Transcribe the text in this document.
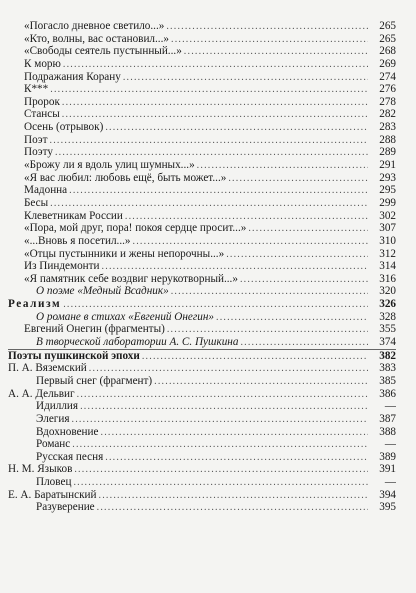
«Погасло дневное светило...» .....	265
«Кто, волны, вас остановил...» .....	265
«Свободы сеятель пустынный...» .....	268
К морю .....	269
Подражания Корану .....	274
К*** .....	276
Пророк .....	278
Стансы .....	282
Осень (отрывок) .....	283
Поэт .....	288
Поэту .....	289
«Брожу ли я вдоль улиц шумных...» .....	291
«Я вас любил: любовь ещё, быть может...» .....	293
Мадонна .....	295
Бесы .....	299
Клеветникам России .....	302
«Пора, мой друг, пора! покоя сердце просит...» .....	307
«...Вновь я посетил...» .....	310
«Отцы пустынники и жены непорочны...» .....	312
Из Пиндемонти .....	314
«Я памятник себе воздвиг нерукотворный...» .....	316
О поэме «Медный Всадник» .....	320
Реализм .....	326
О романе в стихах «Евгений Онегин» .....	328
Евгений Онегин (фрагменты) .....	355
В творческой лаборатории А. С. Пушкина .....	374
Поэты пушкинской эпохи .....	382
П. А. Вяземский .....	383
Первый снег (фрагмент) .....	385
А. А. Дельвиг .....	386
Идиллия .....	—
Элегия .....	387
Вдохновение .....	388
Романс .....	—
Русская песня .....	389
Н. М. Языков .....	391
Пловец .....	—
Е. А. Баратынский .....	394
Разуверение .....	395
